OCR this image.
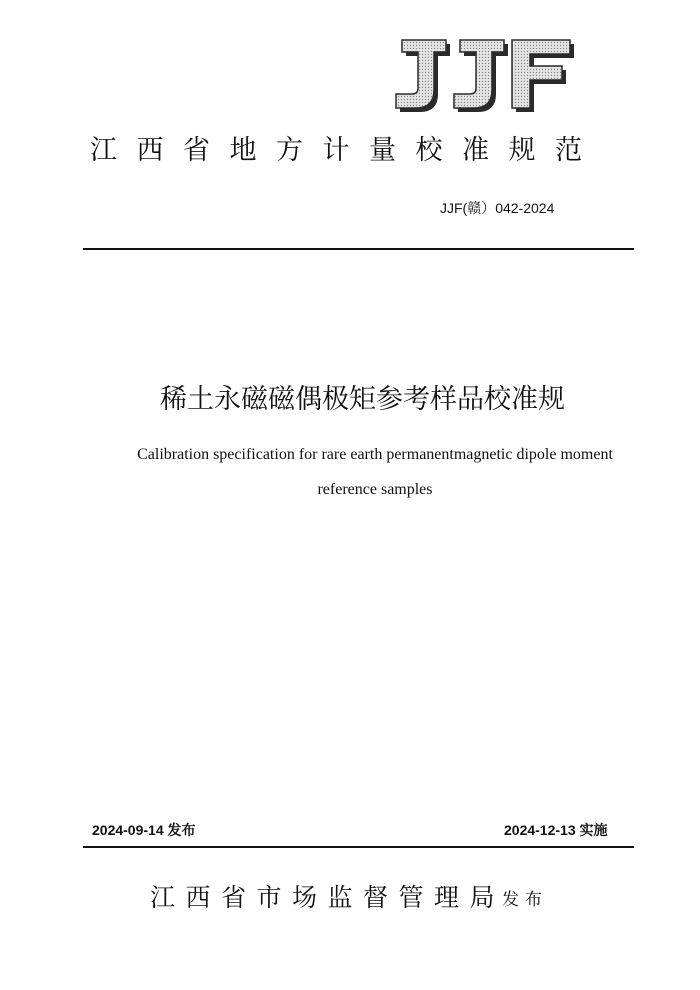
江西省地方计量校准规范
JJF(赣）042-2024
稀土永磁磁偶极矩参考样品校准规
Calibration specification for rare earth permanentmagnetic dipole moment
reference samples
2024-09-14 发布	2024-12-13 实施
江西省市场监督管理局
发布
